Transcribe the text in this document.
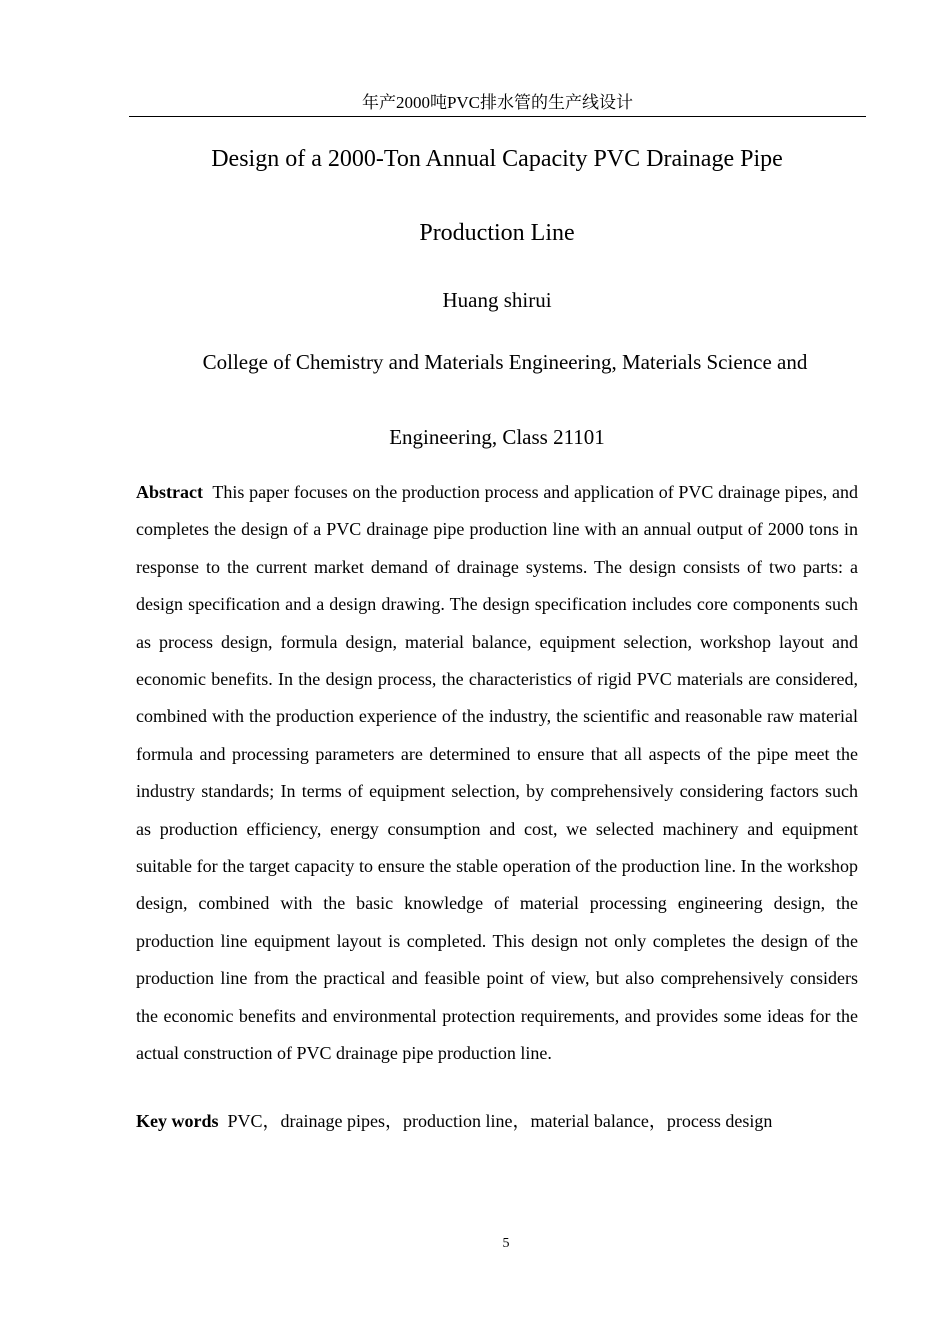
年产2000吨PVC排水管的生产线设计
Design of a 2000-Ton Annual Capacity PVC Drainage Pipe
Production Line
Huang shirui
College of Chemistry and Materials Engineering, Materials Science and
Engineering, Class 21101

Abstract This paper focuses on the production process and application of PVC drainage pipes, and completes the design of a PVC drainage pipe production line with an annual output of 2000 tons in response to the current market demand of drainage systems. The design consists of two parts: a design specification and a design drawing. The design specification includes core components such as process design, formula design, material balance, equipment selection, workshop layout and economic benefits. In the design process, the characteristics of rigid PVC materials are considered, combined with the production experience of the industry, the scientific and reasonable raw material formula and processing parameters are determined to ensure that all aspects of the pipe meet the industry standards; In terms of equipment selection, by comprehensively considering factors such as production efficiency, energy consumption and cost, we selected machinery and equipment suitable for the target capacity to ensure the stable operation of the production line. In the workshop design, combined with the basic knowledge of material processing engineering design, the production line equipment layout is completed. This design not only completes the design of the production line from the practical and feasible point of view, but also comprehensively considers the economic benefits and environmental protection requirements, and provides some ideas for the actual construction of PVC drainage pipe production line.

Key words PVC，drainage pipes，production line，material balance，process design

5
